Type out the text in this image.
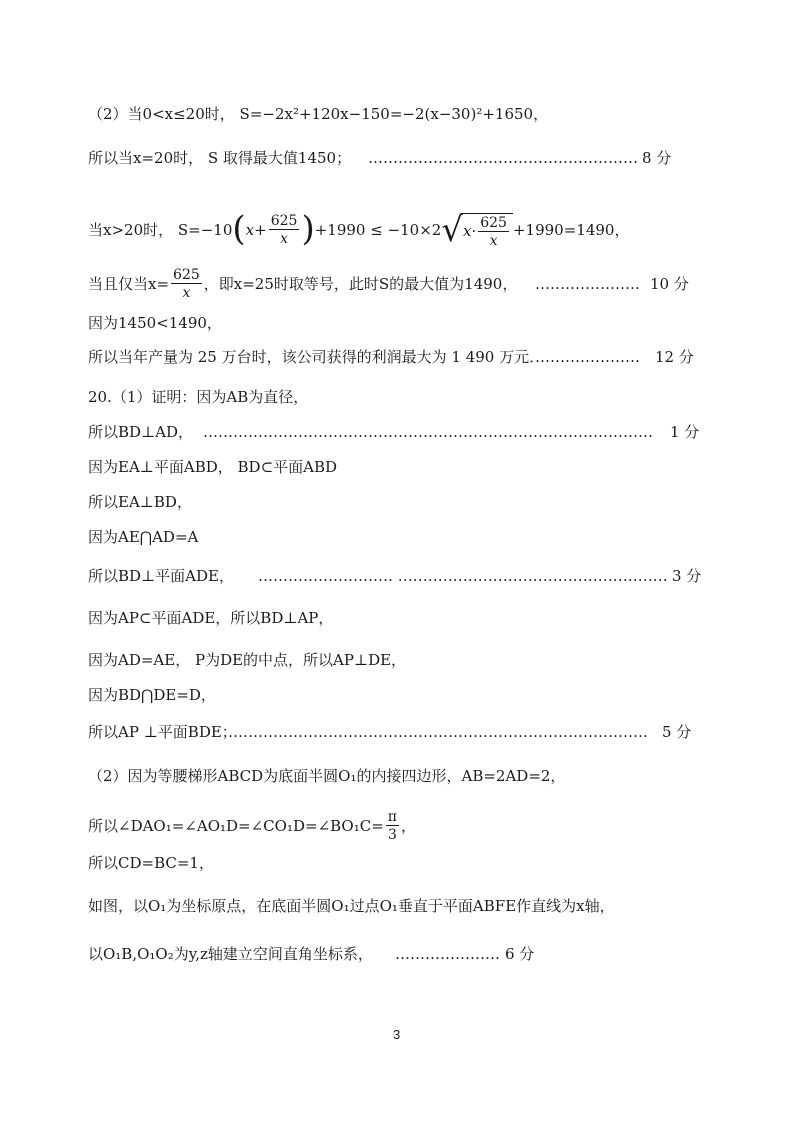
（2）当0<x≤20时， S=−2x²+120x−150=−2(x−30)²+1650，
所以当x=20时， S 取得最大值1450； ……………………………………………… 8 分
当x>20时， S=−10 ( $x + \frac{625}{x}$ ) +1990 ≤ −10×2 √ $x\cdot \frac{625}{x} +1990=1490$，
当且仅当$x= \frac{625}{x}$ ，即x=25时取等号，此时S的最大值为1490， ………………… 10 分
因为1450<1490，
所以当年产量为 25 万台时，该公司获得的利润最大为 1 490 万元．
………………… 12 分
20.（1）证明：因为AB为直径，
所以BD⊥AD， ……………………………………………………………………………… 1 分
因为EA⊥平面ABD， BD⊂平面ABD
所以EA⊥BD，
因为AE⋂AD=A
所以BD⊥平面ADE， ……………………… ……………………………………………… 3 分
因为AP⊂平面ADE，所以BD⊥AP，
因为AD=AE， P为DE的中点，所以AP⊥DE，
因为BD⋂DE=D，
所以AP ⊥平面BDE；
………………………………………………………………………… 5 分
（2）因为等腰梯形ABCD为底面半圆O₁的内接四边形，AB=2AD=2，
所以∠DAO₁=∠AO₁D=∠CO₁D=∠BO₁C= $\frac{\pi}{3}$ ，
所以CD=BC=1，
如图，以O₁为坐标原点，在底面半圆O₁过点O₁垂直于平面ABFE作直线为x轴，
以O₁B,O₁O₂为y,z轴建立空间直角坐标系， ………………… 6 分
3
